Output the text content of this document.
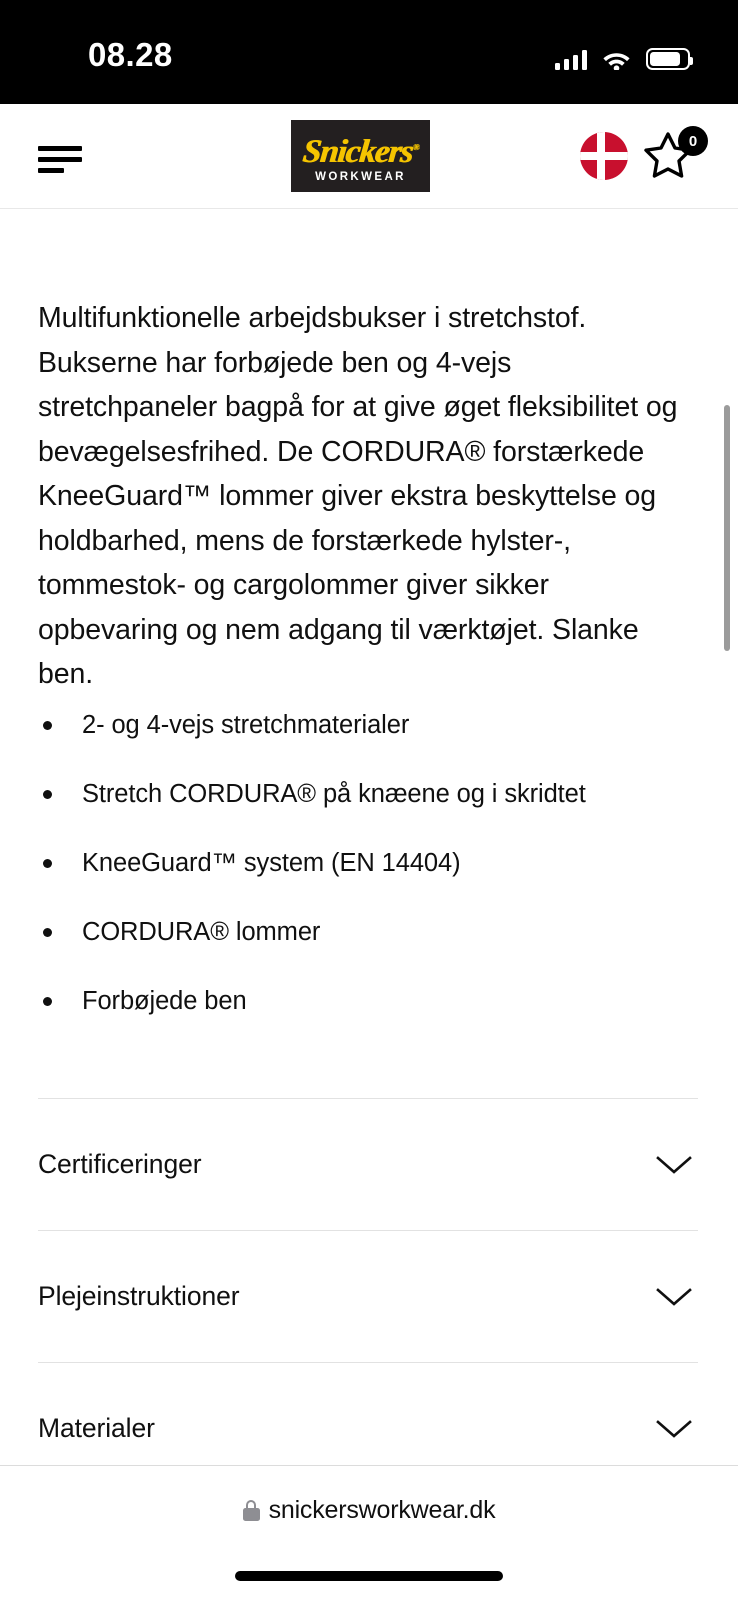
08.28
Snickers®
WORKWEAR
0

Multifunktionelle arbejdsbukser i stretchstof. Bukserne har forbøjede ben og 4-vejs stretchpaneler bagpå for at give øget fleksibilitet og bevægelsesfrihed. De CORDURA® forstærkede KneeGuard™ lommer giver ekstra beskyttelse og holdbarhed, mens de forstærkede hylster-, tommestok- og cargolommer giver sikker opbevaring og nem adgang til værktøjet. Slanke ben.

2- og 4-vejs stretchmaterialer
Stretch CORDURA® på knæene og i skridtet
KneeGuard™ system (EN 14404)
CORDURA® lommer
Forbøjede ben
Certificeringer
Plejeinstruktioner
Materialer
snickersworkwear.dk
